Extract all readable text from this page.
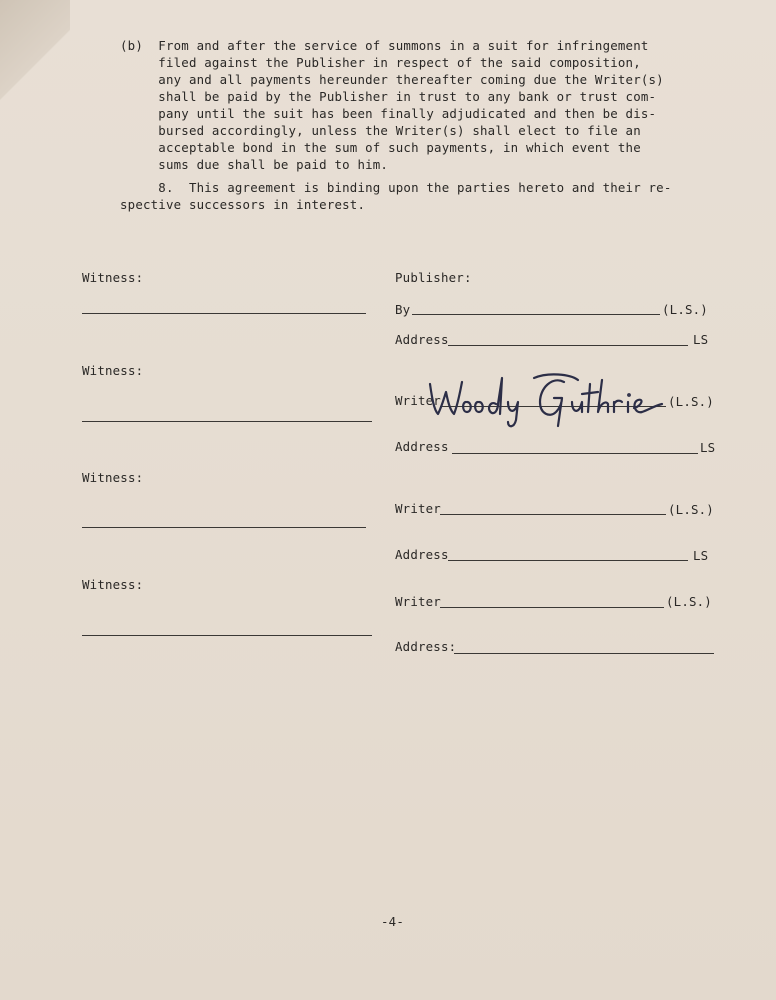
(b)  From and after the service of summons in a suit for infringement
filed against the Publisher in respect of the said composition,
any and all payments hereunder thereafter coming due the Writer(s)
shall be paid by the Publisher in trust to any bank or trust com-
pany until the suit has been finally adjudicated and then be dis-
bursed accordingly, unless the Writer(s) shall elect to file an
acceptable bond in the sum of such payments, in which event the
sums due shall be paid to him.
8.  This agreement is binding upon the parties hereto and their re-
spective successors in interest.
Witness:
Witness:
Witness:
Witness:
Publisher:
By	(L.S.)
Address	LS
Writer	(L.S.)
Address	LS
Writer	(L.S.)
Address	LS
Writer	(L.S.)
Address:
-4-
